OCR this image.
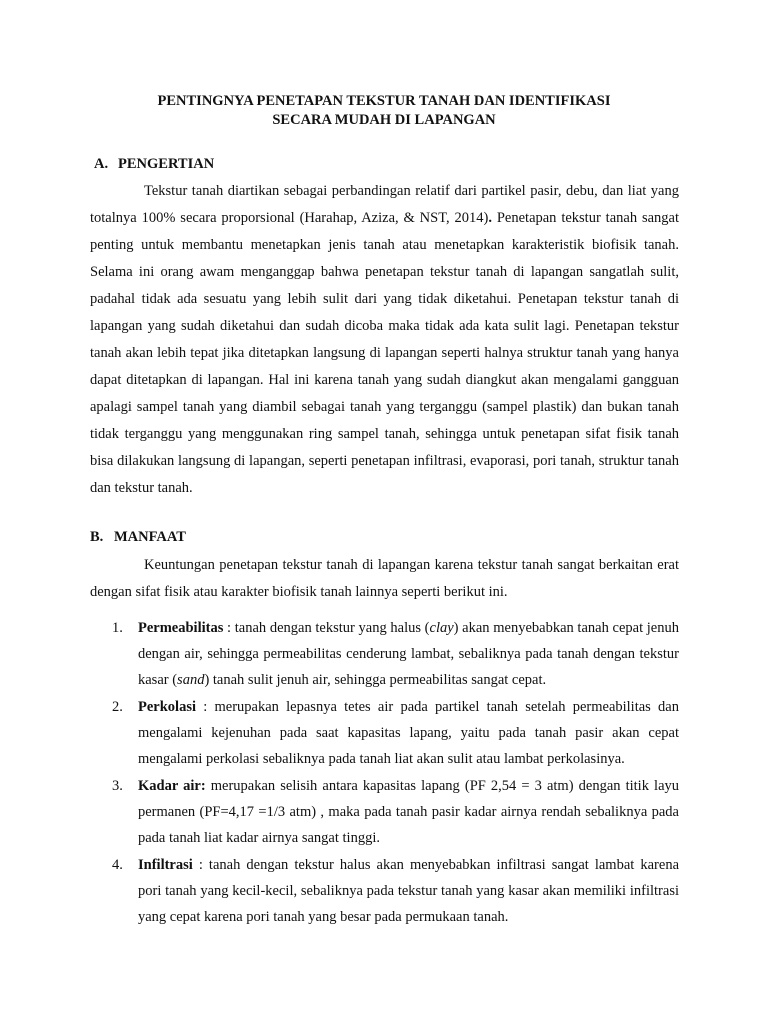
PENTINGNYA PENETAPAN TEKSTUR TANAH DAN IDENTIFIKASI
SECARA MUDAH DI LAPANGAN
A. PENGERTIAN

Tekstur tanah diartikan sebagai perbandingan relatif dari partikel pasir, debu, dan liat yang totalnya 100% secara proporsional (Harahap, Aziza, & NST, 2014). Penetapan tekstur tanah sangat penting untuk membantu menetapkan jenis tanah atau menetapkan karakteristik biofisik tanah. Selama ini orang awam menganggap bahwa penetapan tekstur tanah di lapangan sangatlah sulit, padahal tidak ada sesuatu yang lebih sulit dari yang tidak diketahui. Penetapan tekstur tanah di lapangan yang sudah diketahui dan sudah dicoba maka tidak ada kata sulit lagi. Penetapan tekstur tanah akan lebih tepat jika ditetapkan langsung di lapangan seperti halnya struktur tanah yang hanya dapat ditetapkan di lapangan. Hal ini karena tanah yang sudah diangkut akan mengalami gangguan apalagi sampel tanah yang diambil sebagai tanah yang terganggu (sampel plastik) dan bukan tanah tidak terganggu yang menggunakan ring sampel tanah, sehingga untuk penetapan sifat fisik tanah bisa dilakukan langsung di lapangan, seperti penetapan infiltrasi, evaporasi, pori tanah, struktur tanah dan tekstur tanah.

B. MANFAAT

Keuntungan penetapan tekstur tanah di lapangan karena tekstur tanah sangat berkaitan erat dengan sifat fisik atau karakter biofisik tanah lainnya seperti berikut ini.

1. Permeabilitas : tanah dengan tekstur yang halus (clay) akan menyebabkan tanah cepat jenuh dengan air, sehingga permeabilitas cenderung lambat, sebaliknya pada tanah dengan tekstur kasar (sand) tanah sulit jenuh air, sehingga permeabilitas sangat cepat.
2. Perkolasi : merupakan lepasnya tetes air pada partikel tanah setelah permeabilitas dan mengalami kejenuhan pada saat kapasitas lapang, yaitu pada tanah pasir akan cepat mengalami perkolasi sebaliknya pada tanah liat akan sulit atau lambat perkolasinya.
3. Kadar air: merupakan selisih antara kapasitas lapang (PF 2,54 = 3 atm) dengan titik layu permanen (PF=4,17 =1/3 atm) , maka pada tanah pasir kadar airnya rendah sebaliknya pada pada tanah liat kadar airnya sangat tinggi.
4. Infiltrasi : tanah dengan tekstur halus akan menyebabkan infiltrasi sangat lambat karena pori tanah yang kecil-kecil, sebaliknya pada tekstur tanah yang kasar akan memiliki infiltrasi yang cepat karena pori tanah yang besar pada permukaan tanah.
